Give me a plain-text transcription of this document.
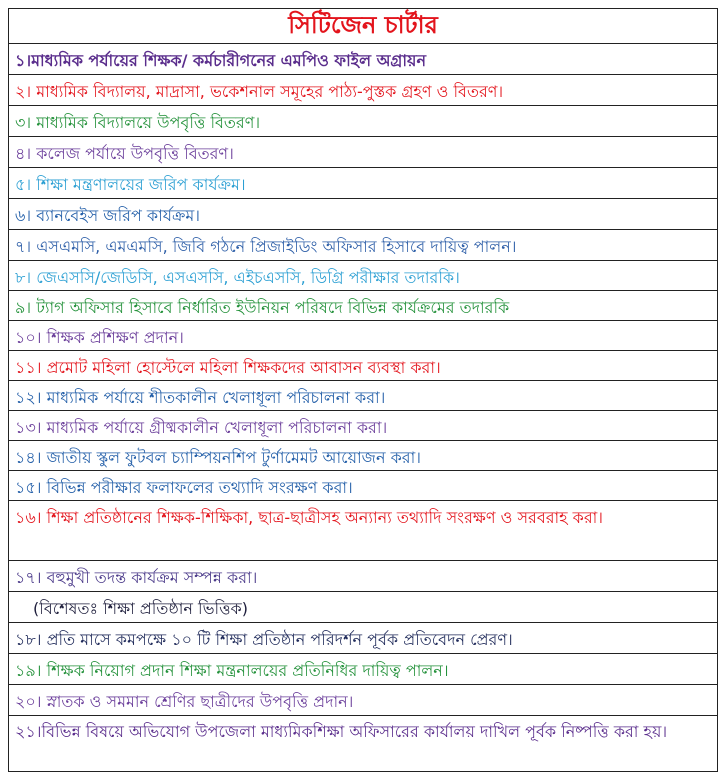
সিটিজেন চার্টার
১।মাধ্যমিক পর্যায়ের শিক্ষক/ কর্মচারীগনের এমপিও ফাইল অগ্রায়ন
২। মাধ্যমিক বিদ্যালয়, মাদ্রাসা, ভকেশনাল সমূহের পাঠ্য-পুস্তক গ্রহণ ও বিতরণ।
৩। মাধ্যমিক বিদ্যালয়ে উপবৃত্তি বিতরণ।
৪। কলেজ পর্যায়ে উপবৃত্তি বিতরণ।
৫। শিক্ষা মন্ত্রণালয়ের জরিপ কার্যক্রম।
৬। ব্যানবেইস জরিপ কার্যক্রম।
৭। এসএমসি, এমএমসি, জিবি গঠনে প্রিজাইডিং অফিসার হিসাবে দায়িত্ব পালন।
৮। জেএসসি/জেডিসি, এসএসসি, এইচএসসি, ডিগ্রি পরীক্ষার তদারকি।
৯। ট্যাগ অফিসার হিসাবে নির্ধারিত ইউনিয়ন পরিষদে বিভিন্ন কার্যক্রমের তদারকি
১০। শিক্ষক প্রশিক্ষণ প্রদান।
১১। প্রমোট মহিলা হোস্টেলে মহিলা শিক্ষকদের আবাসন ব্যবস্থা করা।
১২। মাধ্যমিক পর্যায়ে শীতকালীন খেলাধূলা পরিচালনা করা।
১৩। মাধ্যমিক পর্যায়ে গ্রীষ্মকালীন খেলাধূলা পরিচালনা করা।
১৪। জাতীয় স্কুল ফুটবল চ্যাম্পিয়নশিপ টুর্ণামেমট আয়োজন করা।
১৫। বিভিন্ন পরীক্ষার ফলাফলের তথ্যাদি সংরক্ষণ করা।
১৬। শিক্ষা প্রতিষ্ঠানের শিক্ষক-শিক্ষিকা, ছাত্র-ছাত্রীসহ অন্যান্য তথ্যাদি সংরক্ষণ ও সরবরাহ করা।
১৭। বহুমুখী তদন্ত কার্যক্রম সম্পন্ন করা।
(বিশেষতঃ শিক্ষা প্রতিষ্ঠান ভিত্তিক)
১৮। প্রতি মাসে কমপক্ষে ১০ টি শিক্ষা প্রতিষ্ঠান পরিদর্শন পূর্বক প্রতিবেদন প্রেরণ।
১৯। শিক্ষক নিয়োগ প্রদান শিক্ষা মন্ত্রনালয়ের প্রতিনিধির দায়িত্ব পালন।
২০। স্নাতক ও সমমান শ্রেণির ছাত্রীদের উপবৃত্তি প্রদান।
২১।বিভিন্ন বিষয়ে অভিযোগ উপজেলা মাধ্যমিকশিক্ষা অফিসারের কার্যালয় দাখিল পূর্বক নিষ্পত্তি করা হয়।
